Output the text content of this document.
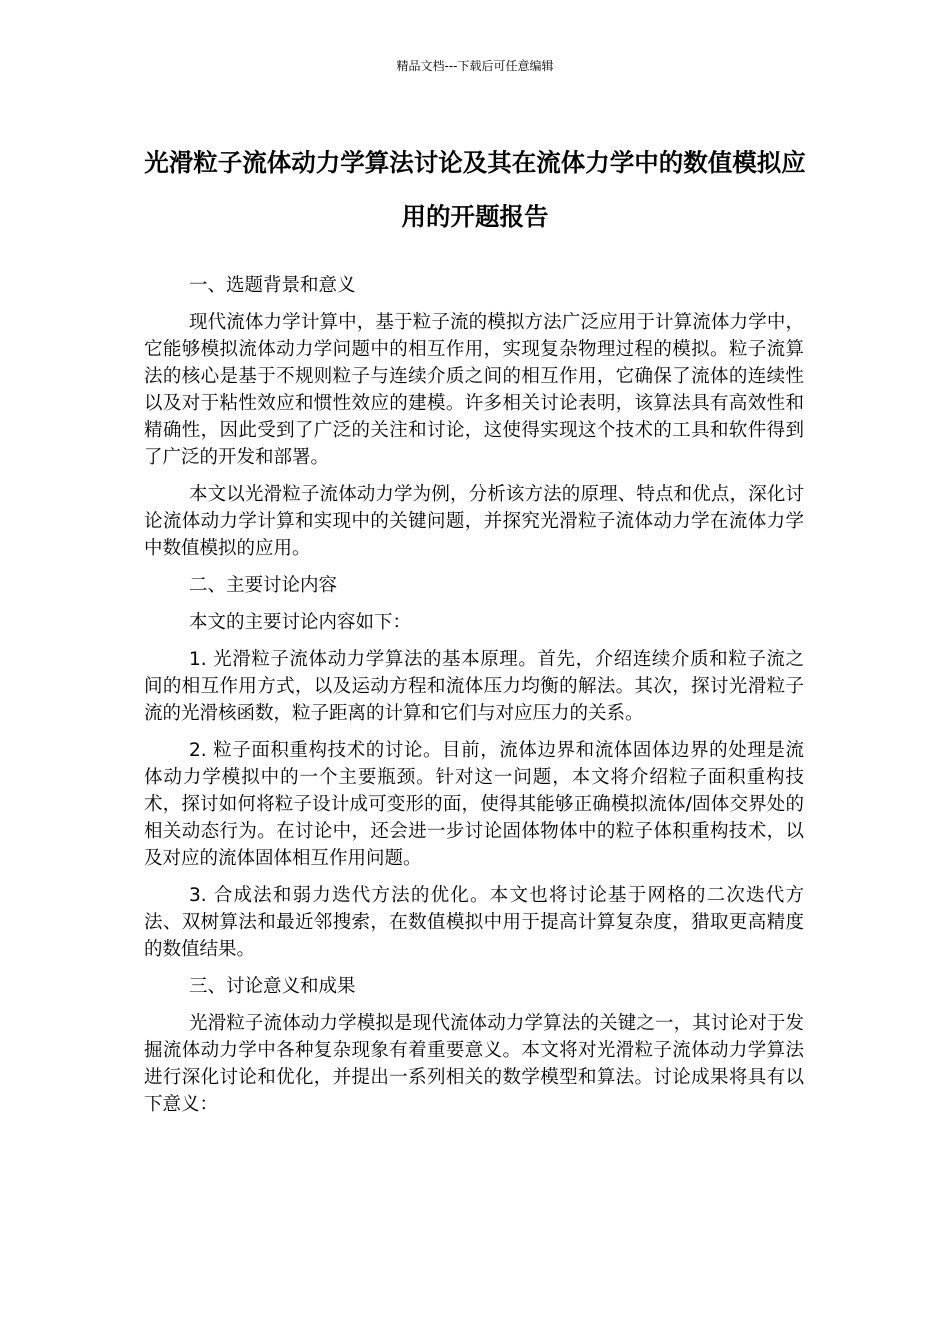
精品文档---下载后可任意编辑
光滑粒子流体动力学算法讨论及其在流体力学中的数值模拟应用的开题报告

一、选题背景和意义

现代流体力学计算中，基于粒子流的模拟方法广泛应用于计算流体力学中，它能够模拟流体动力学问题中的相互作用，实现复杂物理过程的模拟。粒子流算法的核心是基于不规则粒子与连续介质之间的相互作用，它确保了流体的连续性以及对于粘性效应和惯性效应的建模。许多相关讨论表明，该算法具有高效性和精确性，因此受到了广泛的关注和讨论，这使得实现这个技术的工具和软件得到了广泛的开发和部署。

本文以光滑粒子流体动力学为例，分析该方法的原理、特点和优点，深化讨论流体动力学计算和实现中的关键问题，并探究光滑粒子流体动力学在流体力学中数值模拟的应用。

二、主要讨论内容

本文的主要讨论内容如下：

1. 光滑粒子流体动力学算法的基本原理。首先，介绍连续介质和粒子流之间的相互作用方式，以及运动方程和流体压力均衡的解法。其次，探讨光滑粒子流的光滑核函数，粒子距离的计算和它们与对应压力的关系。

2. 粒子面积重构技术的讨论。目前，流体边界和流体固体边界的处理是流体动力学模拟中的一个主要瓶颈。针对这一问题，本文将介绍粒子面积重构技术，探讨如何将粒子设计成可变形的面，使得其能够正确模拟流体/固体交界处的相关动态行为。在讨论中，还会进一步讨论固体物体中的粒子体积重构技术，以及对应的流体固体相互作用问题。

3. 合成法和弱力迭代方法的优化。本文也将讨论基于网格的二次迭代方法、双树算法和最近邻搜索，在数值模拟中用于提高计算复杂度，猎取更高精度的数值结果。

三、讨论意义和成果

光滑粒子流体动力学模拟是现代流体动力学算法的关键之一，其讨论对于发掘流体动力学中各种复杂现象有着重要意义。本文将对光滑粒子流体动力学算法进行深化讨论和优化，并提出一系列相关的数学模型和算法。讨论成果将具有以下意义：
